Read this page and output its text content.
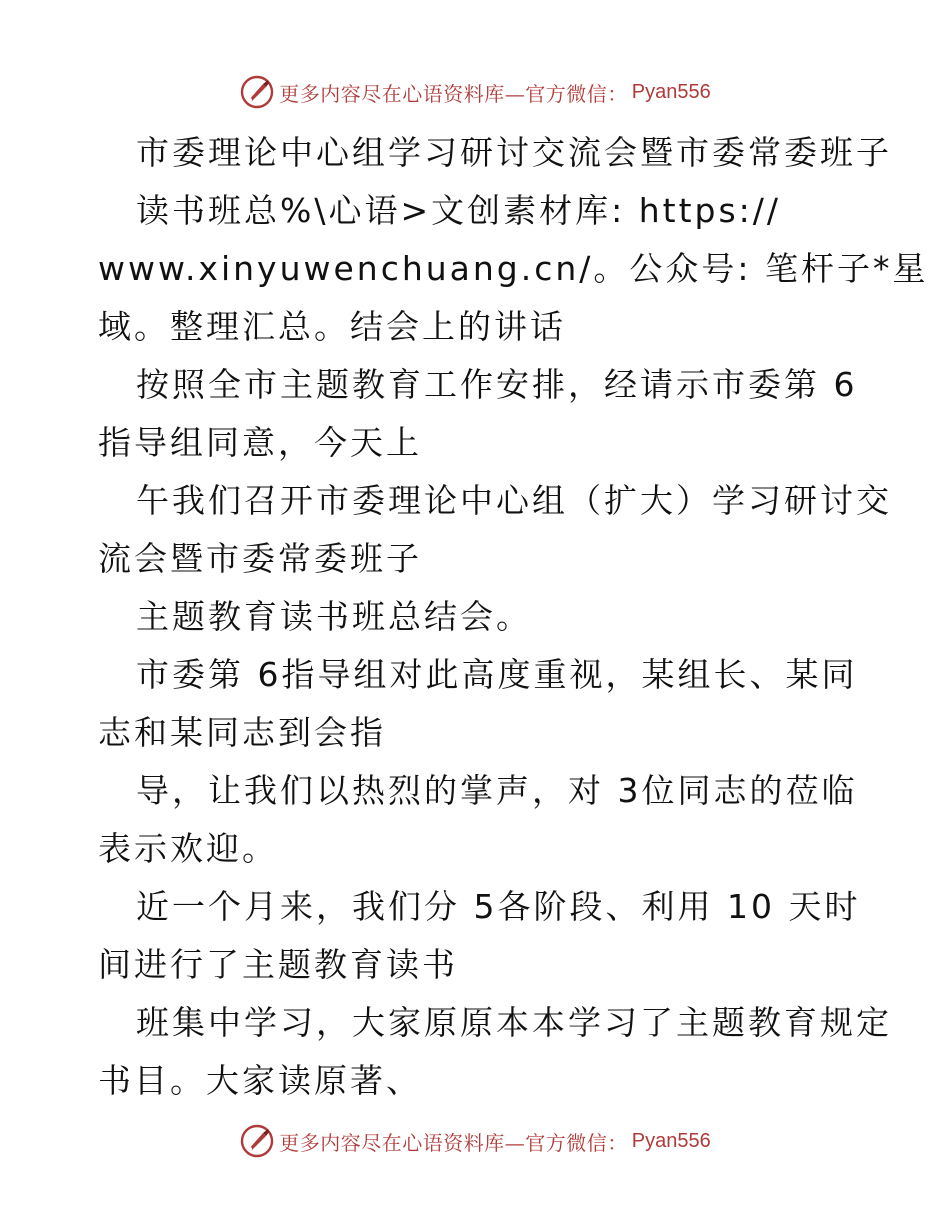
更多内容尽在心语资料库—官方微信： Pyan556
市委理论中心组学习研讨交流会暨市委常委班子
读书班总%\心语>文创素材库: https://
www.xinyuwenchuang.cn/。公众号: 笔杆子*星
域。整理汇总。结会上的讲话
按照全市主题教育工作安排，经请示市委第 6
指导组同意，今天上
午我们召开市委理论中心组（扩大）学习研讨交
流会暨市委常委班子
主题教育读书班总结会。
市委第 6指导组对此高度重视，某组长、某同
志和某同志到会指
导，让我们以热烈的掌声，对 3位同志的莅临
表示欢迎。
近一个月来，我们分 5各阶段、利用 10 天时
间进行了主题教育读书
班集中学习，大家原原本本学习了主题教育规定
书目。大家读原著、
更多内容尽在心语资料库—官方微信： Pyan556
